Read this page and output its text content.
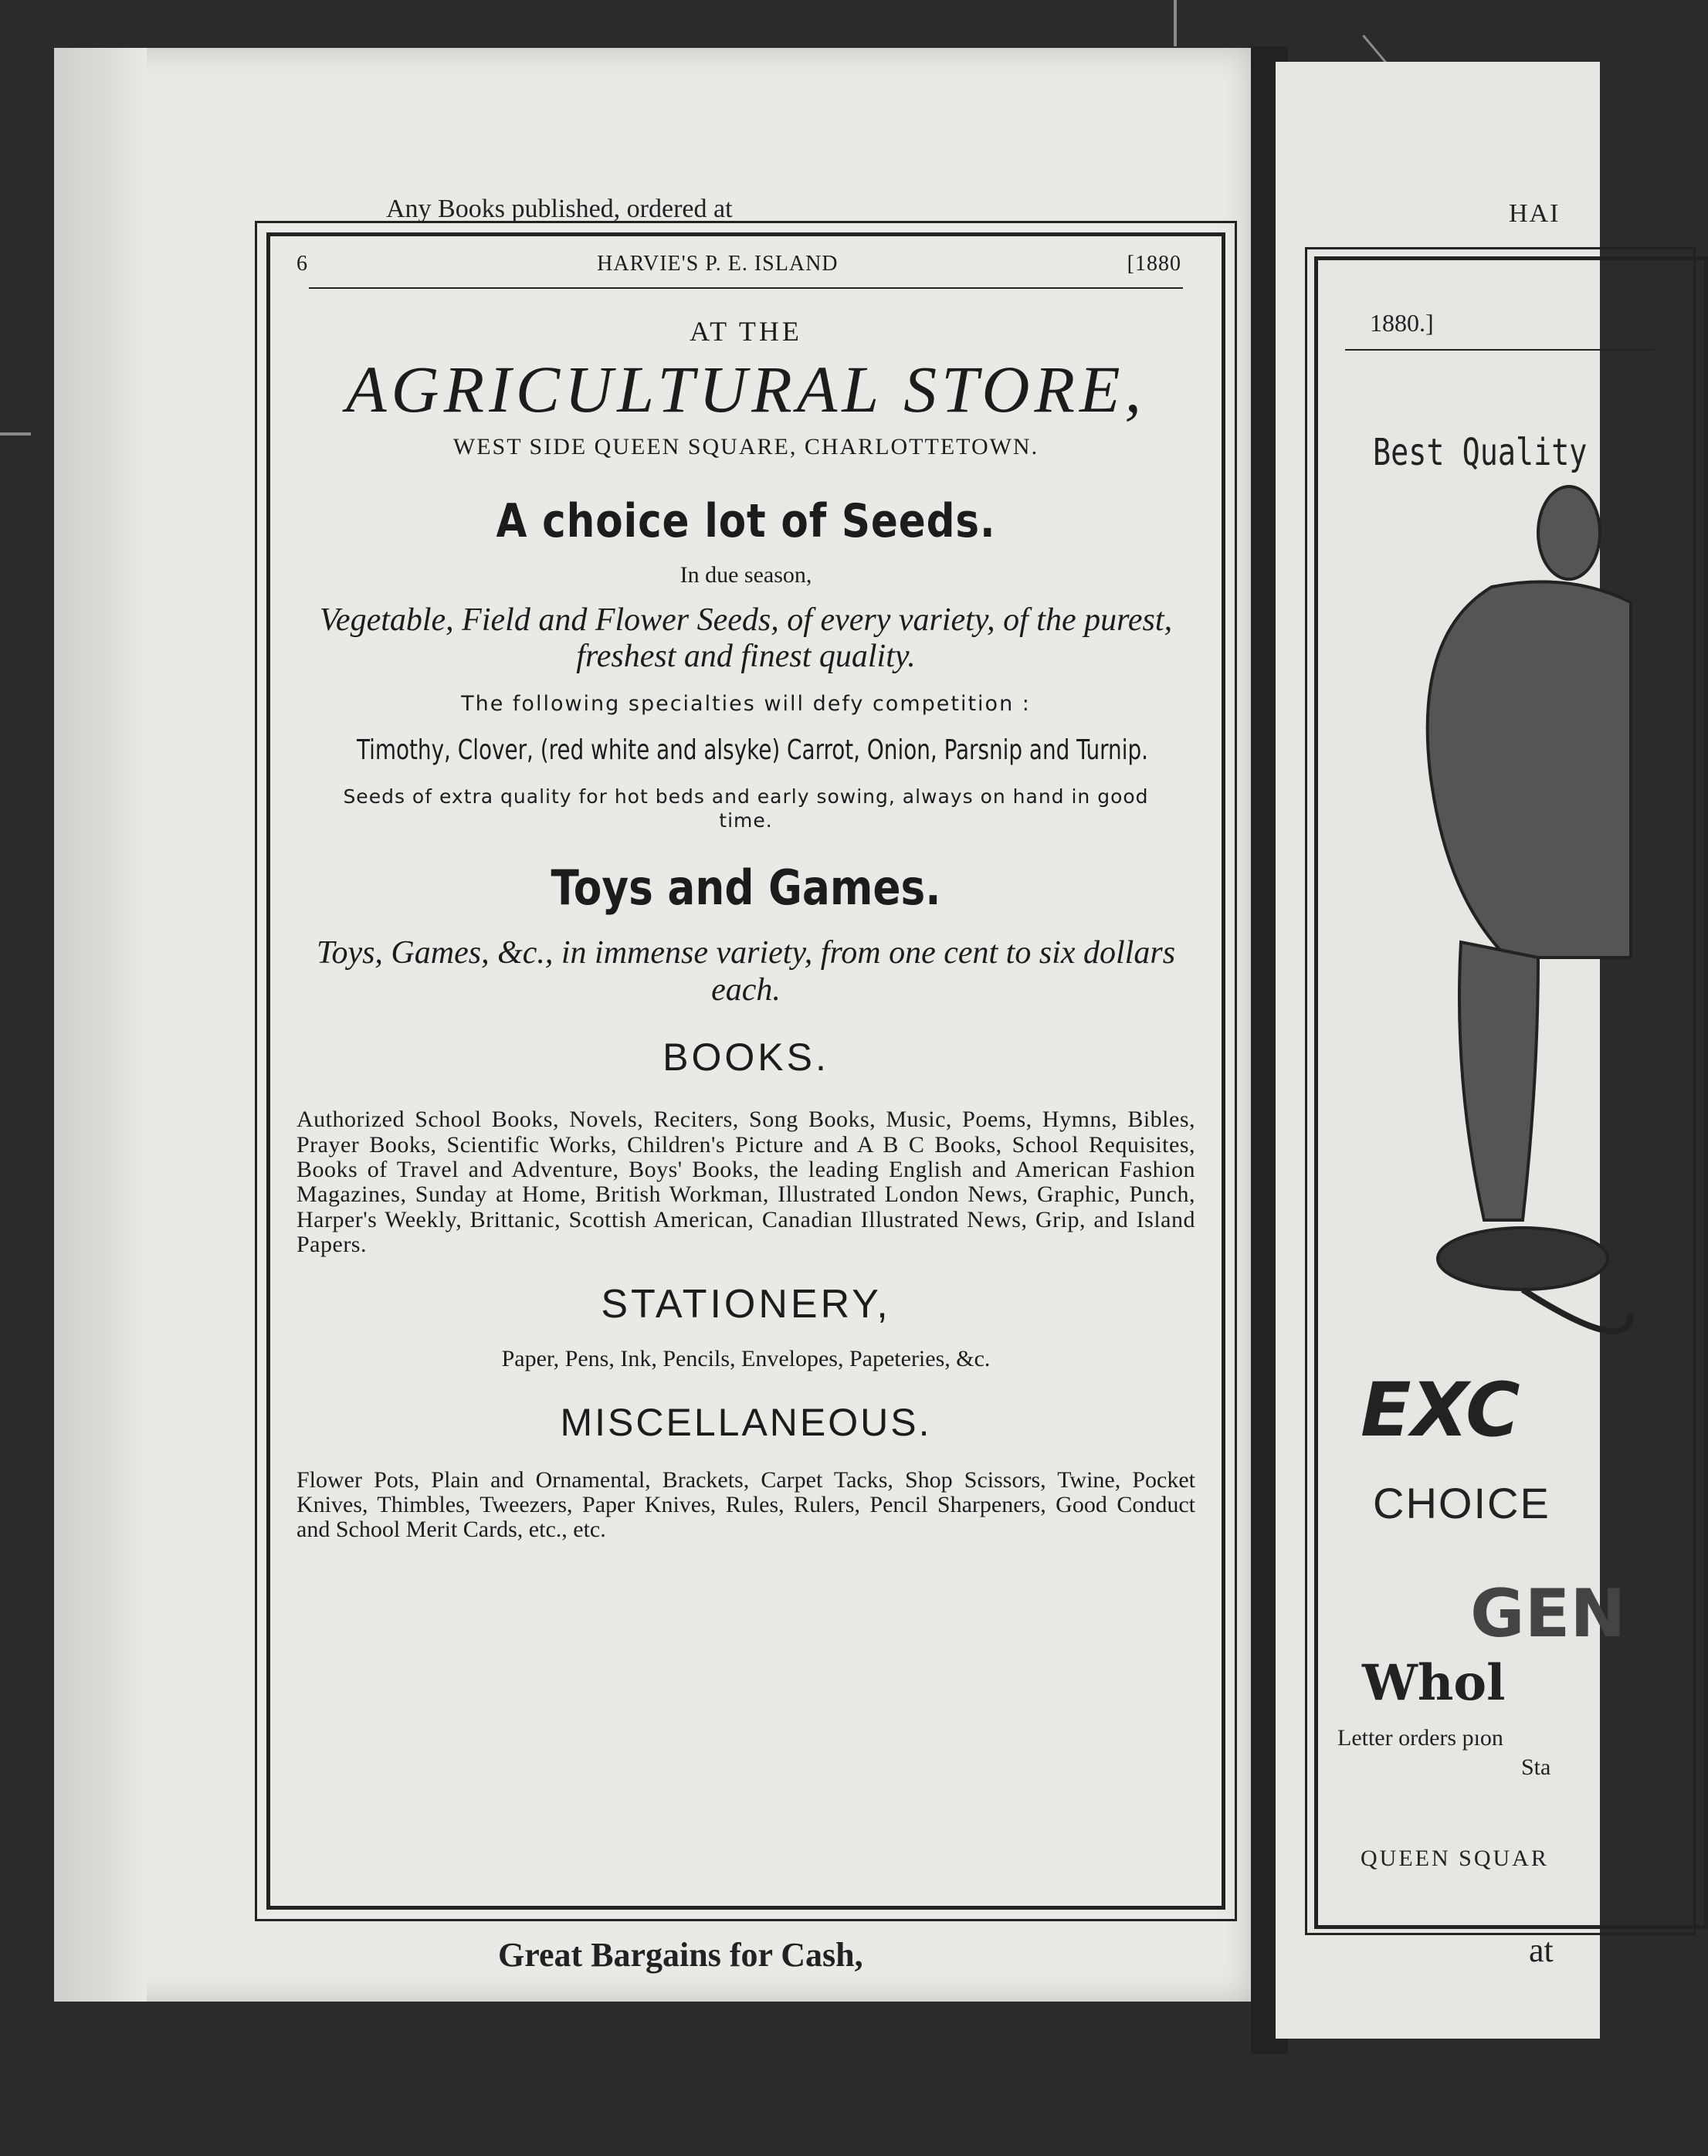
Any Books published, ordered at
6	HARVIE'S P. E. ISLAND	[1880
AT THE
AGRICULTURAL STORE,
WEST SIDE QUEEN SQUARE, CHARLOTTETOWN.
A choice lot of Seeds.
In due season,
Vegetable, Field and Flower Seeds, of every variety, of the purest, freshest and finest quality.
The following specialties will defy competition :
Timothy, Clover, (red white and alsyke) Carrot, Onion, Parsnip and Turnip.
Seeds of extra quality for hot beds and early sowing, always on hand in good time.
Toys and Games.
Toys, Games, &c., in immense variety, from one cent to six dollars each.
BOOKS.
Authorized School Books, Novels, Reciters, Song Books, Music, Poems, Hymns, Bibles, Prayer Books, Scientific Works, Children's Picture and A B C Books, School Requisites, Books of Travel and Adventure, Boys' Books, the leading English and American Fashion Magazines, Sunday at Home, British Workman, Illustrated London News, Graphic, Punch, Harper's Weekly, Brittanic, Scottish American, Canadian Illustrated News, Grip, and Island Papers.
STATIONERY,
Paper, Pens, Ink, Pencils, Envelopes, Papeteries, &c.
MISCELLANEOUS.
Flower Pots, Plain and Ornamental, Brackets, Carpet Tacks, Shop Scissors, Twine, Pocket Knives, Thimbles, Tweezers, Paper Knives, Rules, Rulers, Pencil Sharpeners, Good Conduct and School Merit Cards, etc., etc.
Great Bargains for Cash,
HAI
1880.]
Best Quality
EXC
CHOICE
GEN
Whol
Letter orders pıon
Sta
QUEEN SQUAR
at
